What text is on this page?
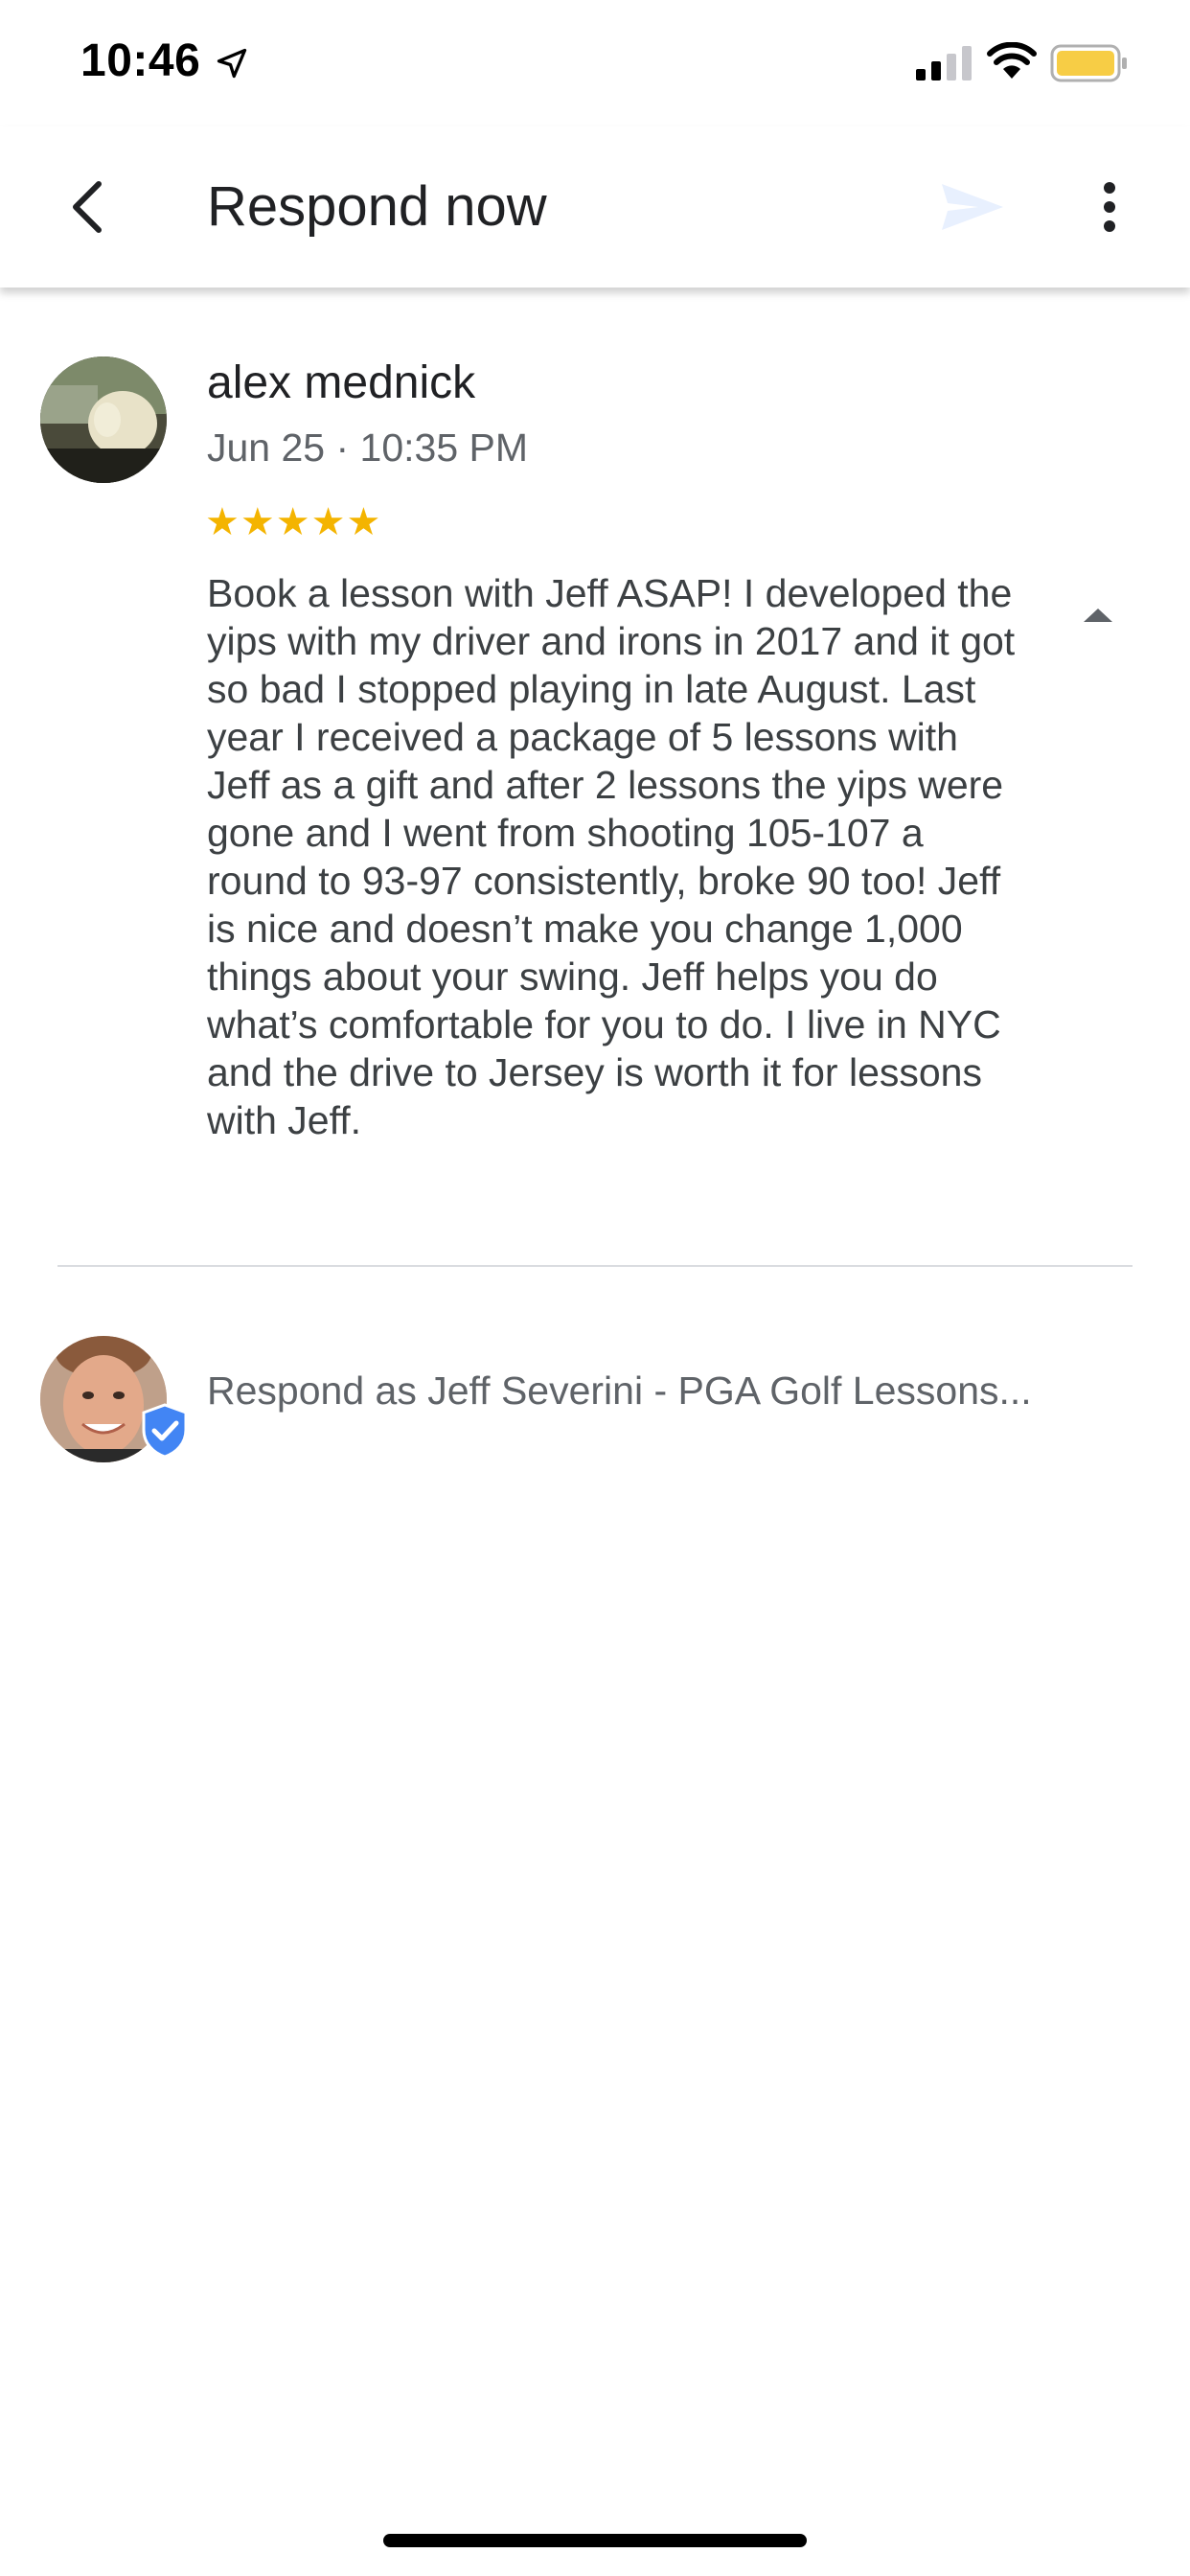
10:46
Respond now
alex mednick
Jun 25 · 10:35 PM
★★★★★
Book a lesson with Jeff ASAP! I developed the yips with my driver and irons in 2017 and it got so bad I stopped playing in late August. Last year I received a package of 5 lessons with Jeff as a gift and after 2 lessons the yips were gone and I went from shooting 105-107 a round to 93-97 consistently, broke 90 too! Jeff is nice and doesn’t make you change 1,000 things about your swing. Jeff helps you do what’s comfortable for you to do. I live in NYC and the drive to Jersey is worth it for lessons with Jeff.
Respond as Jeff Severini - PGA Golf Lessons...
